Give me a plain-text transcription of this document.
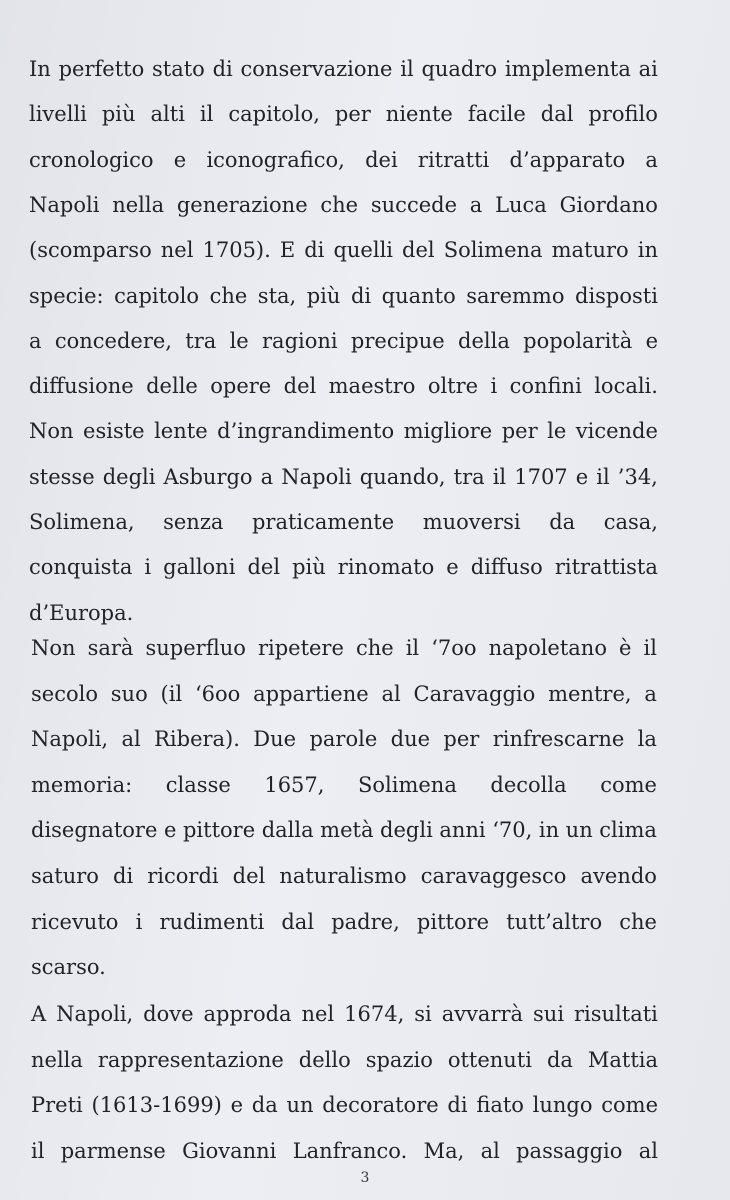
In perfetto stato di conservazione il quadro implementa ai
livelli più alti il capitolo, per niente facile dal profilo
cronologico e iconografico, dei ritratti d’apparato a
Napoli nella generazione che succede a Luca Giordano
(scomparso nel 1705). E di quelli del Solimena maturo in
specie: capitolo che sta, più di quanto saremmo disposti
a concedere, tra le ragioni precipue della popolarità e
diffusione delle opere del maestro oltre i confini locali.
Non esiste lente d’ingrandimento migliore per le vicende
stesse degli Asburgo a Napoli quando, tra il 1707 e il ’34,
Solimena, senza praticamente muoversi da casa,
conquista i galloni del più rinomato e diffuso ritrattista
d’Europa.
Non sarà superfluo ripetere che il ‘7oo napoletano è il
secolo suo (il ‘6oo appartiene al Caravaggio mentre, a
Napoli, al Ribera). Due parole due per rinfrescarne la
memoria: classe 1657, Solimena decolla come
disegnatore e pittore dalla metà degli anni ‘70, in un clima
saturo di ricordi del naturalismo caravaggesco avendo
ricevuto i rudimenti dal padre, pittore tutt’altro che
scarso.
A Napoli, dove approda nel 1674, si avvarrà sui risultati
nella rappresentazione dello spazio ottenuti da Mattia
Preti (1613-1699) e da un decoratore di fiato lungo come
il parmense Giovanni Lanfranco. Ma, al passaggio al
3
